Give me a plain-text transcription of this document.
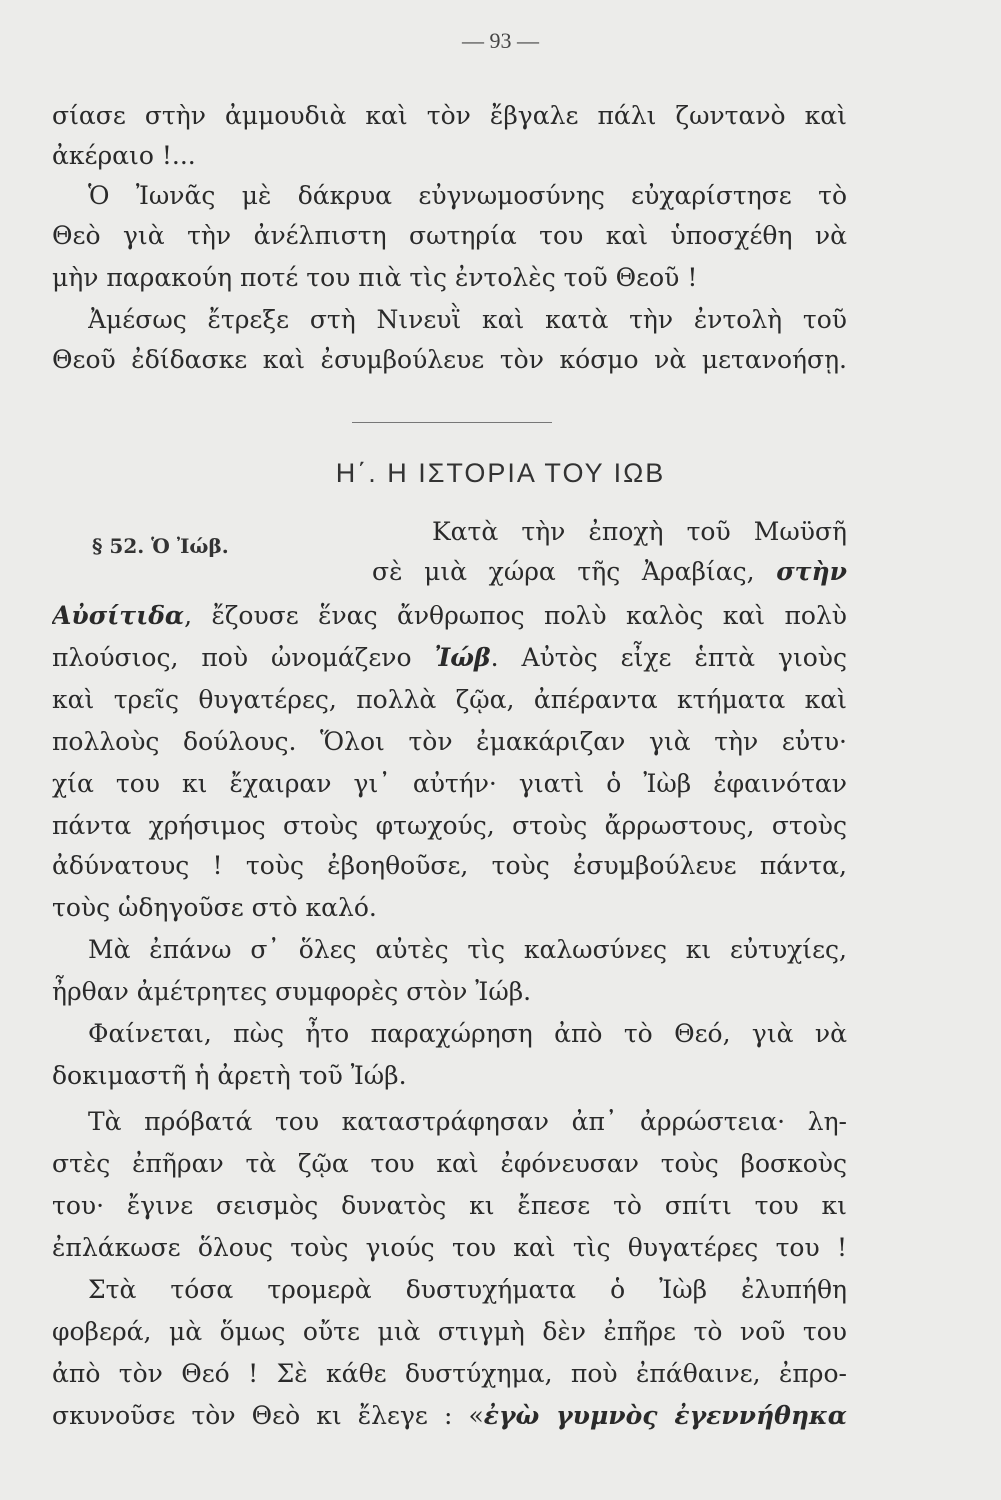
— 93 —
σίασε στὴν ἀμμουδιὰ καὶ τὸν ἔβγαλε πάλι ζωντανὸ καὶ
ἀκέραιο !...
Ὁ Ἰωνᾶς μὲ δάκρυα εὐγνωμοσύνης εὐχαρίστησε τὸ
Θεὸ γιὰ τὴν ἀνέλπιστη σωτηρία του καὶ ὑποσχέθη νὰ
μὴν παρακούη ποτέ του πιὰ τὶς ἐντολὲς τοῦ Θεοῦ !
Ἀμέσως ἔτρεξε στὴ Νινευῒ καὶ κατὰ τὴν ἐντολὴ τοῦ
Θεοῦ ἐδίδασκε καὶ ἐσυμβούλευε τὸν κόσμο νὰ μετανοήσῃ.
Η΄. Η ΙΣΤΟΡΙΑ ΤΟΥ ΙΩΒ
§ 52. Ὁ Ἰώβ.	Κατὰ τὴν ἐποχὴ τοῦ Μωϋσῆ
σὲ μιὰ χώρα τῆς Ἀραβίας, στὴν
Αὐσίτιδα, ἔζουσε ἕνας ἄνθρωπος πολὺ καλὸς καὶ πολὺ
πλούσιος, ποὺ ὠνομάζενο Ἰώβ. Αὐτὸς εἶχε ἑπτὰ γιοὺς
καὶ τρεῖς θυγατέρες, πολλὰ ζῷα, ἀπέραντα κτήματα καὶ
πολλοὺς δούλους. Ὅλοι τὸν ἐμακάριζαν γιὰ τὴν εὐτυ·
χία του κι ἔχαιραν γι᾽ αὐτήν· γιατὶ ὁ Ἰὼβ ἐφαινόταν
πάντα χρήσιμος στοὺς φτωχούς, στοὺς ἄρρωστους, στοὺς
ἀδύνατους ! τοὺς ἐβοηθοῦσε, τοὺς ἐσυμβούλευε πάντα,
τοὺς ὡδηγοῦσε στὸ καλό.
Μὰ ἐπάνω σ᾽ ὅλες αὐτὲς τὶς καλωσύνες κι εὐτυχίες,
ἦρθαν ἀμέτρητες συμφορὲς στὸν Ἰώβ.
Φαίνεται, πὼς ἦτο παραχώρηση ἀπὸ τὸ Θεό, γιὰ νὰ
δοκιμαστῆ ἡ ἀρετὴ τοῦ Ἰώβ.
Τὰ πρόβατά του καταστράφησαν ἀπ᾽ ἀρρώστεια· λη-
στὲς ἐπῆραν τὰ ζῷα του καὶ ἐφόνευσαν τοὺς βοσκοὺς
του· ἔγινε σεισμὸς δυνατὸς κι ἔπεσε τὸ σπίτι του κι
ἐπλάκωσε ὅλους τοὺς γιούς του καὶ τὶς θυγατέρες του !
Στὰ τόσα τρομερὰ δυστυχήματα ὁ Ἰὼβ ἐλυπήθη
φοβερά, μὰ ὅμως οὔτε μιὰ στιγμὴ δὲν ἐπῆρε τὸ νοῦ του
ἀπὸ τὸν Θεό ! Σὲ κάθε δυστύχημα, ποὺ ἐπάθαινε, ἐπρο-
σκυνοῦσε τὸν Θεὸ κι ἔλεγε : «ἐγὼ γυμνὸς ἐγεννήθηκα
